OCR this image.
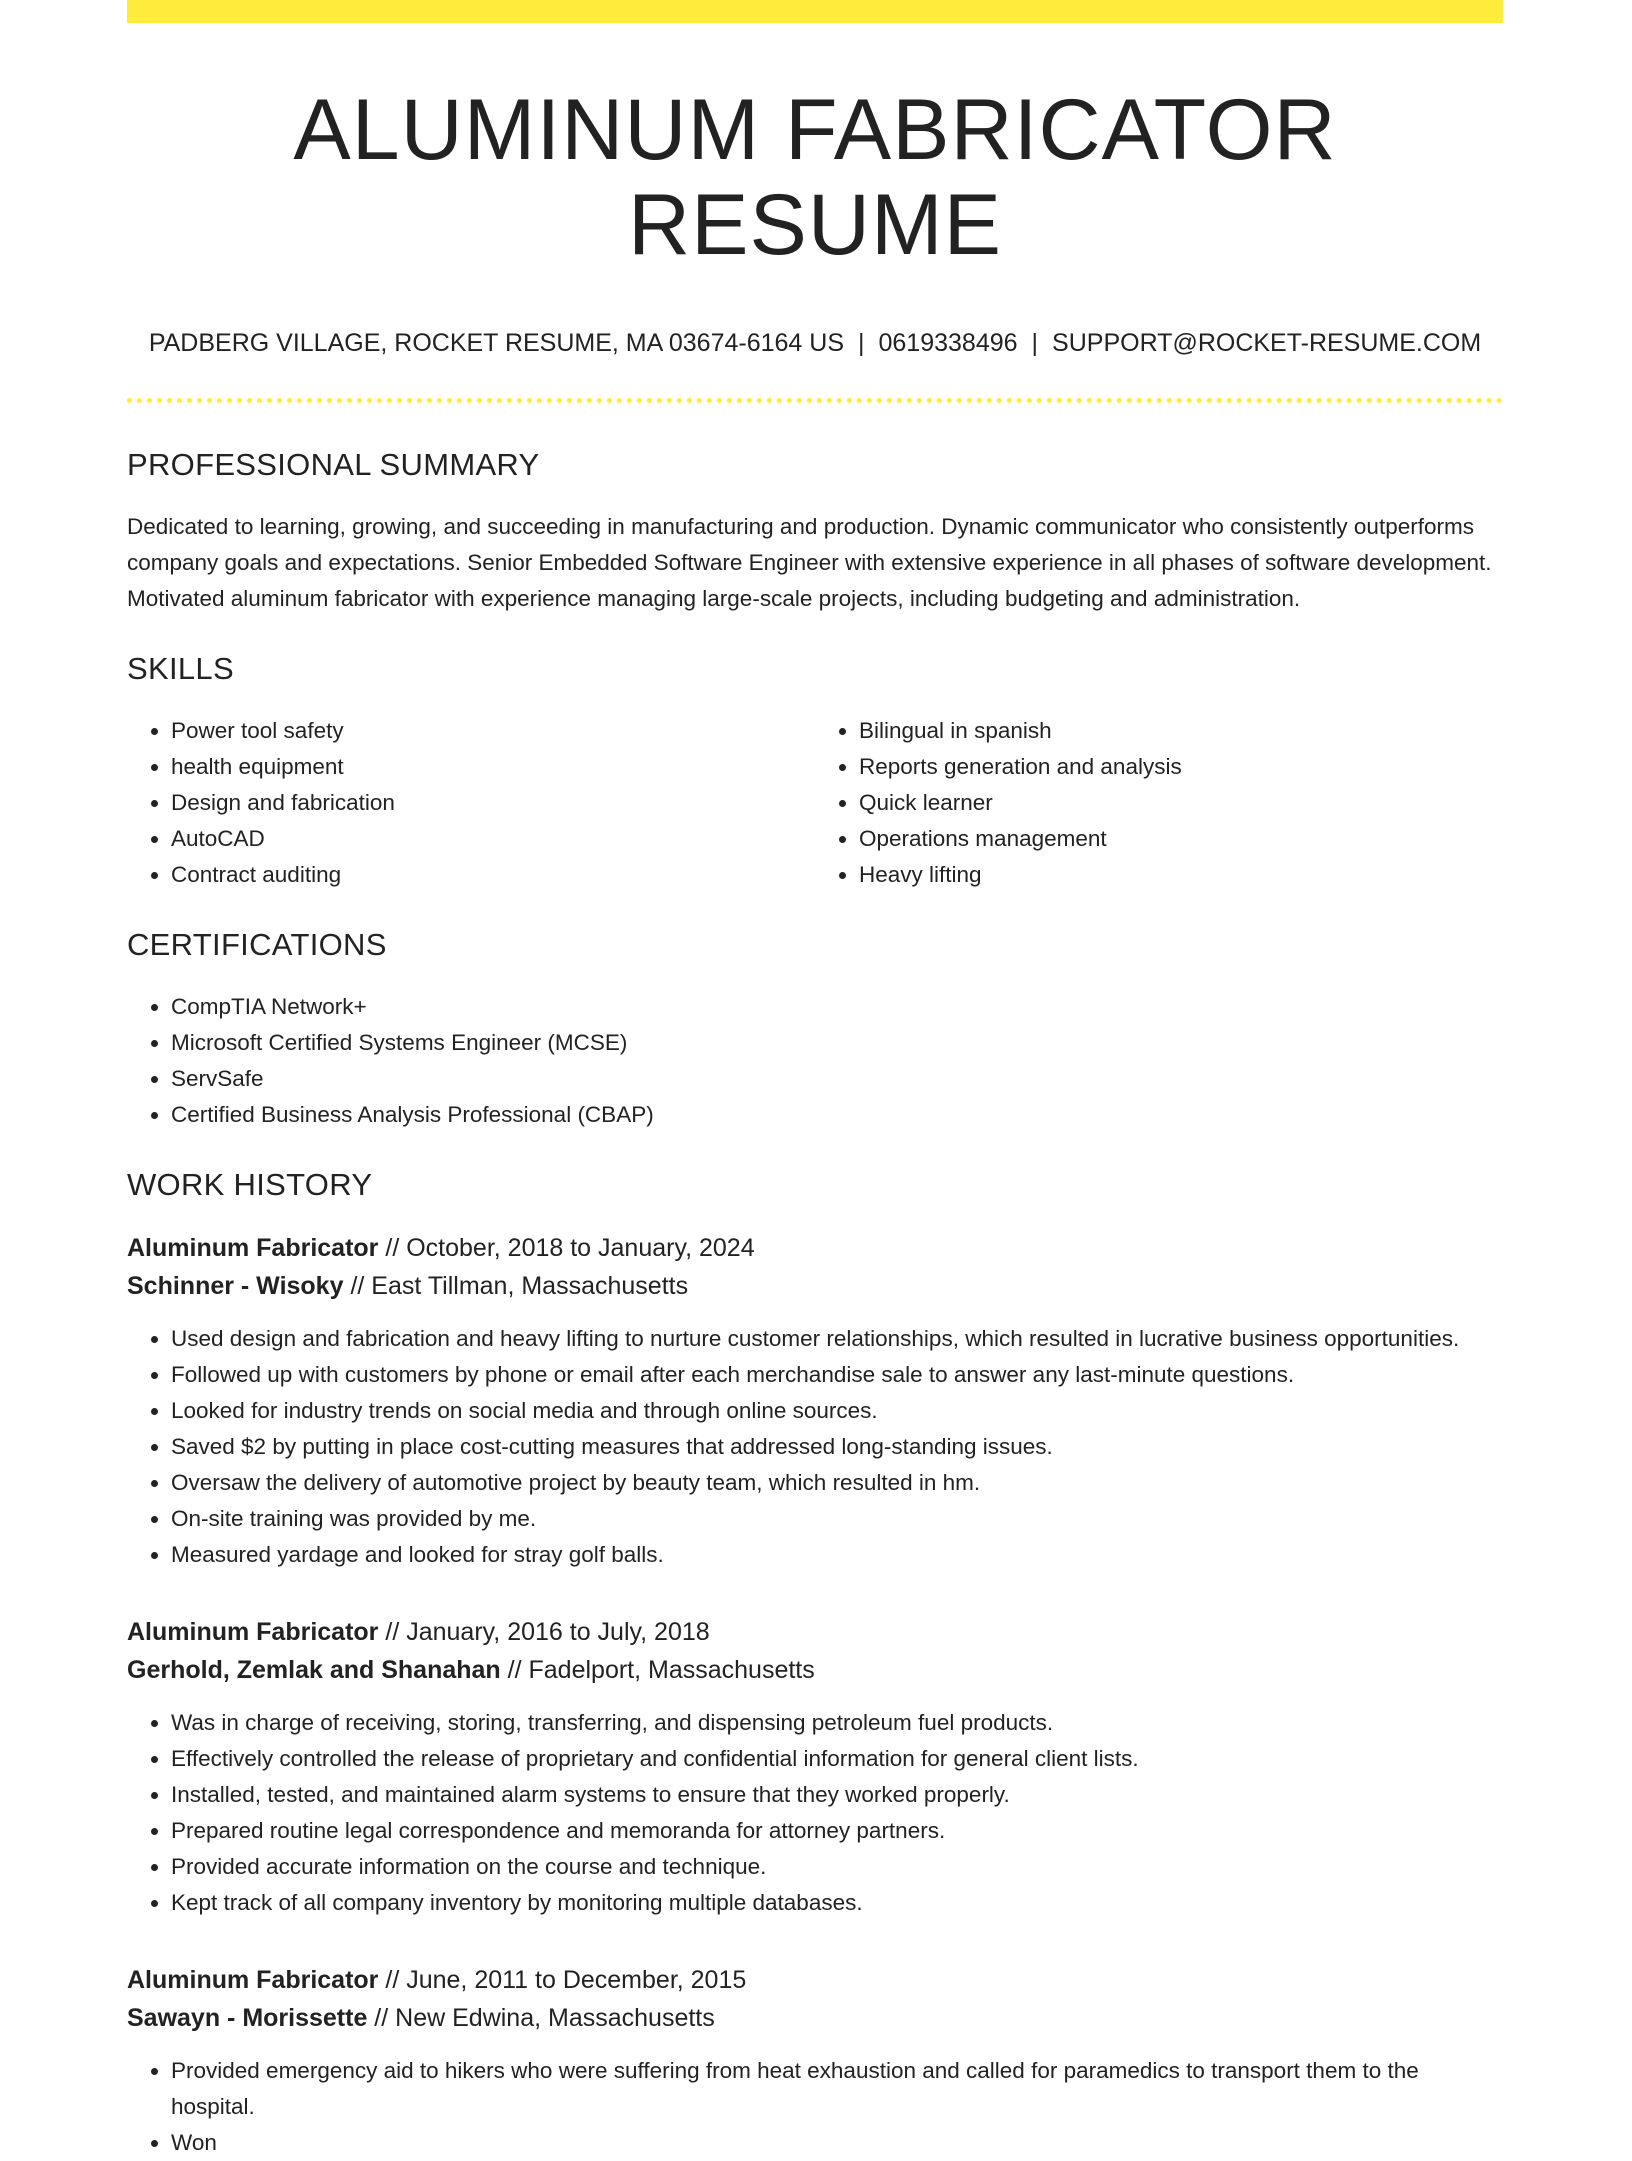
ALUMINUM FABRICATOR RESUME
PADBERG VILLAGE, ROCKET RESUME, MA 03674-6164 US | 0619338496 | SUPPORT@ROCKET-RESUME.COM
PROFESSIONAL SUMMARY

Dedicated to learning, growing, and succeeding in manufacturing and production. Dynamic communicator who consistently outperforms company goals and expectations. Senior Embedded Software Engineer with extensive experience in all phases of software development. Motivated aluminum fabricator with experience managing large-scale projects, including budgeting and administration.

SKILLS
• Power tool safety
• health equipment
• Design and fabrication
• AutoCAD
• Contract auditing
• Bilingual in spanish
• Reports generation and analysis
• Quick learner
• Operations management
• Heavy lifting
CERTIFICATIONS
• CompTIA Network+
• Microsoft Certified Systems Engineer (MCSE)
• ServSafe
• Certified Business Analysis Professional (CBAP)
WORK HISTORY
Aluminum Fabricator // October, 2018 to January, 2024
Schinner - Wisoky // East Tillman, Massachusetts
• Used design and fabrication and heavy lifting to nurture customer relationships, which resulted in lucrative business opportunities.
• Followed up with customers by phone or email after each merchandise sale to answer any last-minute questions.
• Looked for industry trends on social media and through online sources.
• Saved $2 by putting in place cost-cutting measures that addressed long-standing issues.
• Oversaw the delivery of automotive project by beauty team, which resulted in hm.
• On-site training was provided by me.
• Measured yardage and looked for stray golf balls.
Aluminum Fabricator // January, 2016 to July, 2018
Gerhold, Zemlak and Shanahan // Fadelport, Massachusetts
• Was in charge of receiving, storing, transferring, and dispensing petroleum fuel products.
• Effectively controlled the release of proprietary and confidential information for general client lists.
• Installed, tested, and maintained alarm systems to ensure that they worked properly.
• Prepared routine legal correspondence and memoranda for attorney partners.
• Provided accurate information on the course and technique.
• Kept track of all company inventory by monitoring multiple databases.
Aluminum Fabricator // June, 2011 to December, 2015
Sawayn - Morissette // New Edwina, Massachusetts
• Provided emergency aid to hikers who were suffering from heat exhaustion and called for paramedics to transport them to the hospital.
• Won
